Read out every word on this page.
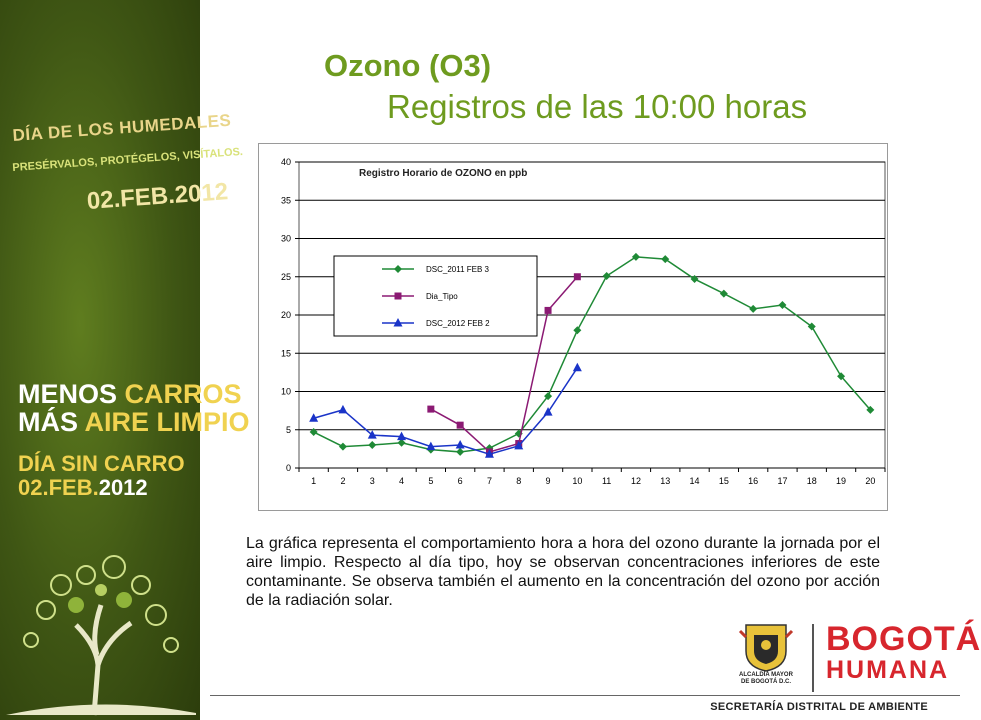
DÍA DE LOS HUMEDALES
PRESÉRVALOS, PROTÉGELOS, VISÍTALOS.
02.FEB.2012
MENOS CARROS
MÁS AIRE LIMPIO
DÍA SIN CARRO
02.FEB.2012
Ozono (O3)
Registros de las 10:00 horas
0
5
10
15
20
25
30
35
40
1	2	3	4	5	6	7	8	9 10 11 12 13 14 15 16 17 18 19 20
Registro Horario de OZONO en ppb
DSC_2011 FEB 3
Dia_Tipo
DSC_2012 FEB 2
La gráfica representa el comportamiento hora a hora del ozono durante la jornada por el aire limpio. Respecto al día tipo, hoy se observan concentraciones inferiores de este contaminante. Se observa también el aumento en la concentración del ozono por acción de la radiación solar.
ALCALDÍA MAYOR
DE BOGOTÁ D.C.
BOGOTÁ
HUMANA
SECRETARÍA DISTRITAL DE AMBIENTE
